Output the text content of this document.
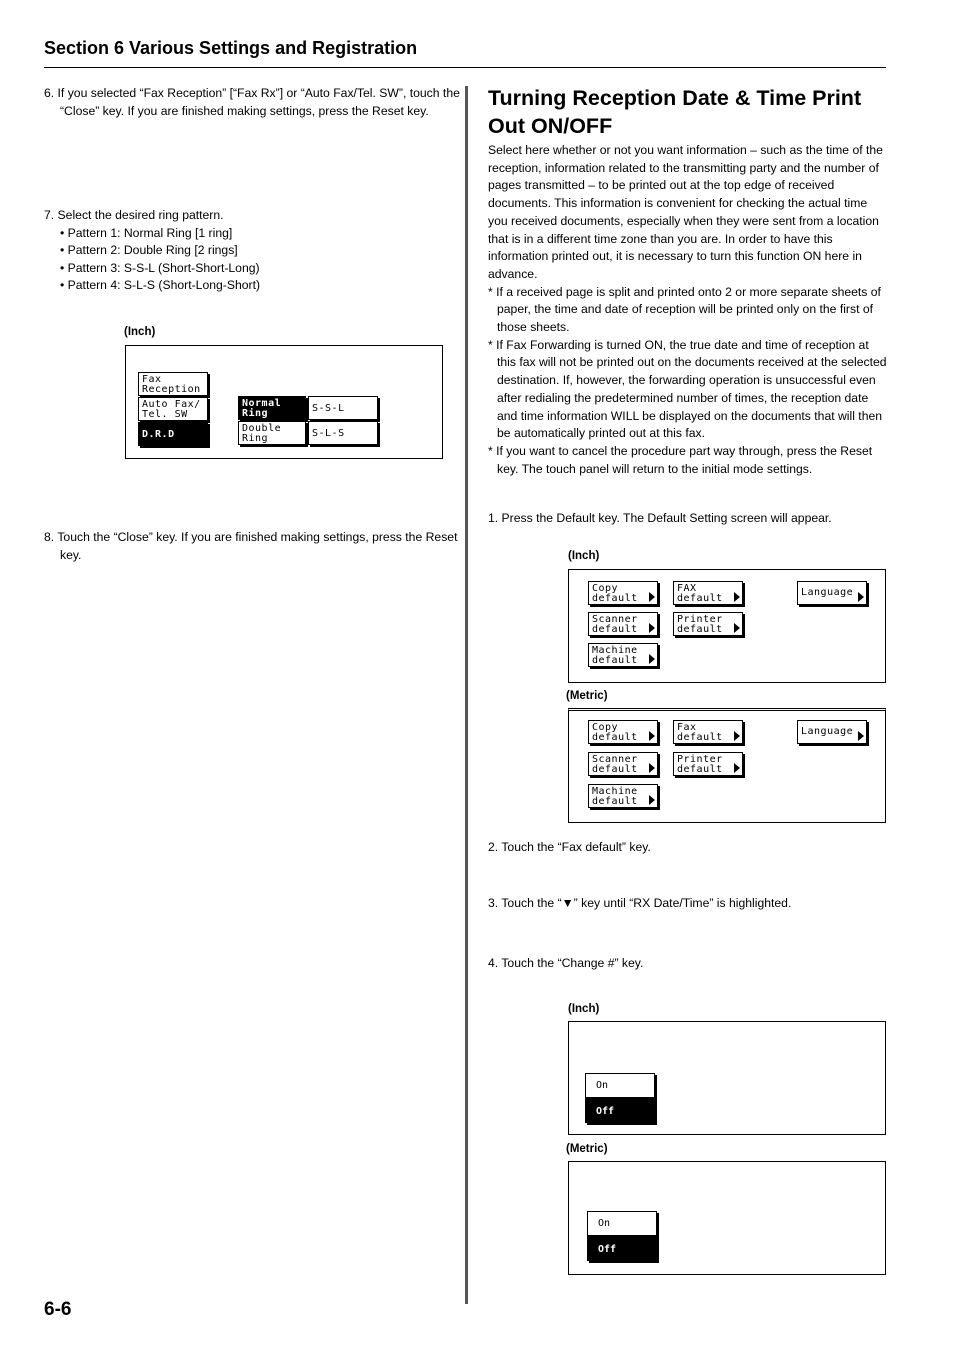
Section 6 Various Settings and Registration
6. If you selected “Fax Reception” [“Fax Rx”] or “Auto Fax/Tel. SW”, touch the “Close” key. If you are finished making settings, press the Reset key.
7. Select the desired ring pattern.
• Pattern 1: Normal Ring [1 ring]
• Pattern 2: Double Ring [2 rings]
• Pattern 3: S-S-L (Short-Short-Long)
• Pattern 4: S-L-S (Short-Long-Short)
(Inch)
Fax
Reception
Auto Fax/
Tel. SW
D.R.D
Normal
Ring
Double
Ring
S-S-L
S-L-S
8. Touch the “Close” key. If you are finished making settings, press the Reset key.
Turning Reception Date & Time Print Out ON/OFF
Select here whether or not you want information – such as the time of the reception, information related to the transmitting party and the number of pages transmitted – to be printed out at the top edge of received documents. This information is convenient for checking the actual time you received documents, especially when they were sent from a location that is in a different time zone than you are. In order to have this information printed out, it is necessary to turn this function ON here in advance.
* If a received page is split and printed onto 2 or more separate sheets of paper, the time and date of reception will be printed only on the first of those sheets.
* If Fax Forwarding is turned ON, the true date and time of reception at this fax will not be printed out on the documents received at the selected destination. If, however, the forwarding operation is unsuccessful even after redialing the predetermined number of times, the reception date and time information WILL be displayed on the documents that will then be automatically printed out at this fax.
* If you want to cancel the procedure part way through, press the Reset key. The touch panel will return to the initial mode settings.
1. Press the Default key. The Default Setting screen will appear.
(Inch)
Copy
default
FAX
default
Language
Scanner
default
Printer
default
Machine
default
(Metric)
Copy
default
Fax
default
Language
Scanner
default
Printer
default
Machine
default
2. Touch the “Fax default” key.
3. Touch the “▼” key until “RX Date/Time” is highlighted.
4. Touch the “Change #” key.
(Inch)
On
Off
(Metric)
On
Off
6-6
